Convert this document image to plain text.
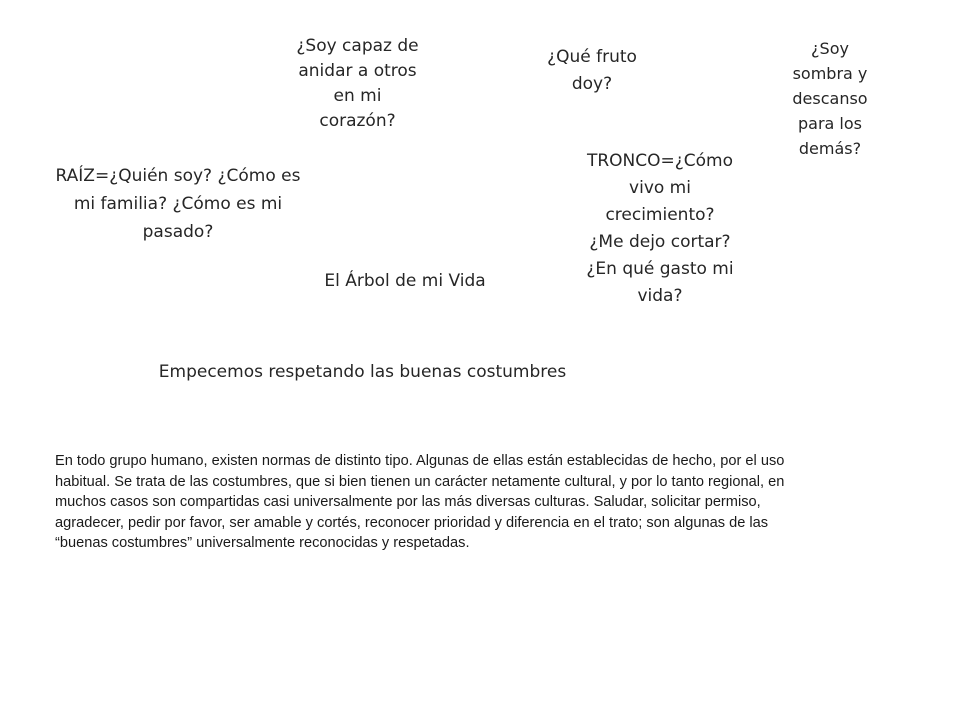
¿Soy capaz de
anidar a otros
en mi
corazón?
¿Qué fruto
doy?
¿Soy
sombra y
descanso
para los
demás?
RAÍZ=¿Quién soy? ¿Cómo es
mi familia? ¿Cómo es mi
pasado?
TRONCO=¿Cómo
vivo mi
crecimiento?
¿Me dejo cortar?
¿En qué gasto mi
vida?
El Árbol de mi Vida
Empecemos respetando las buenas costumbres
En todo grupo humano, existen normas de distinto tipo. Algunas de ellas están establecidas de hecho, por el uso habitual. Se trata de las costumbres, que si bien tienen un carácter netamente cultural, y por lo tanto regional, en muchos casos son compartidas casi universalmente por las más diversas culturas. Saludar, solicitar permiso, agradecer, pedir por favor, ser amable y cortés, reconocer prioridad y diferencia en el trato; son algunas de las “buenas costumbres” universalmente reconocidas y respetadas.
